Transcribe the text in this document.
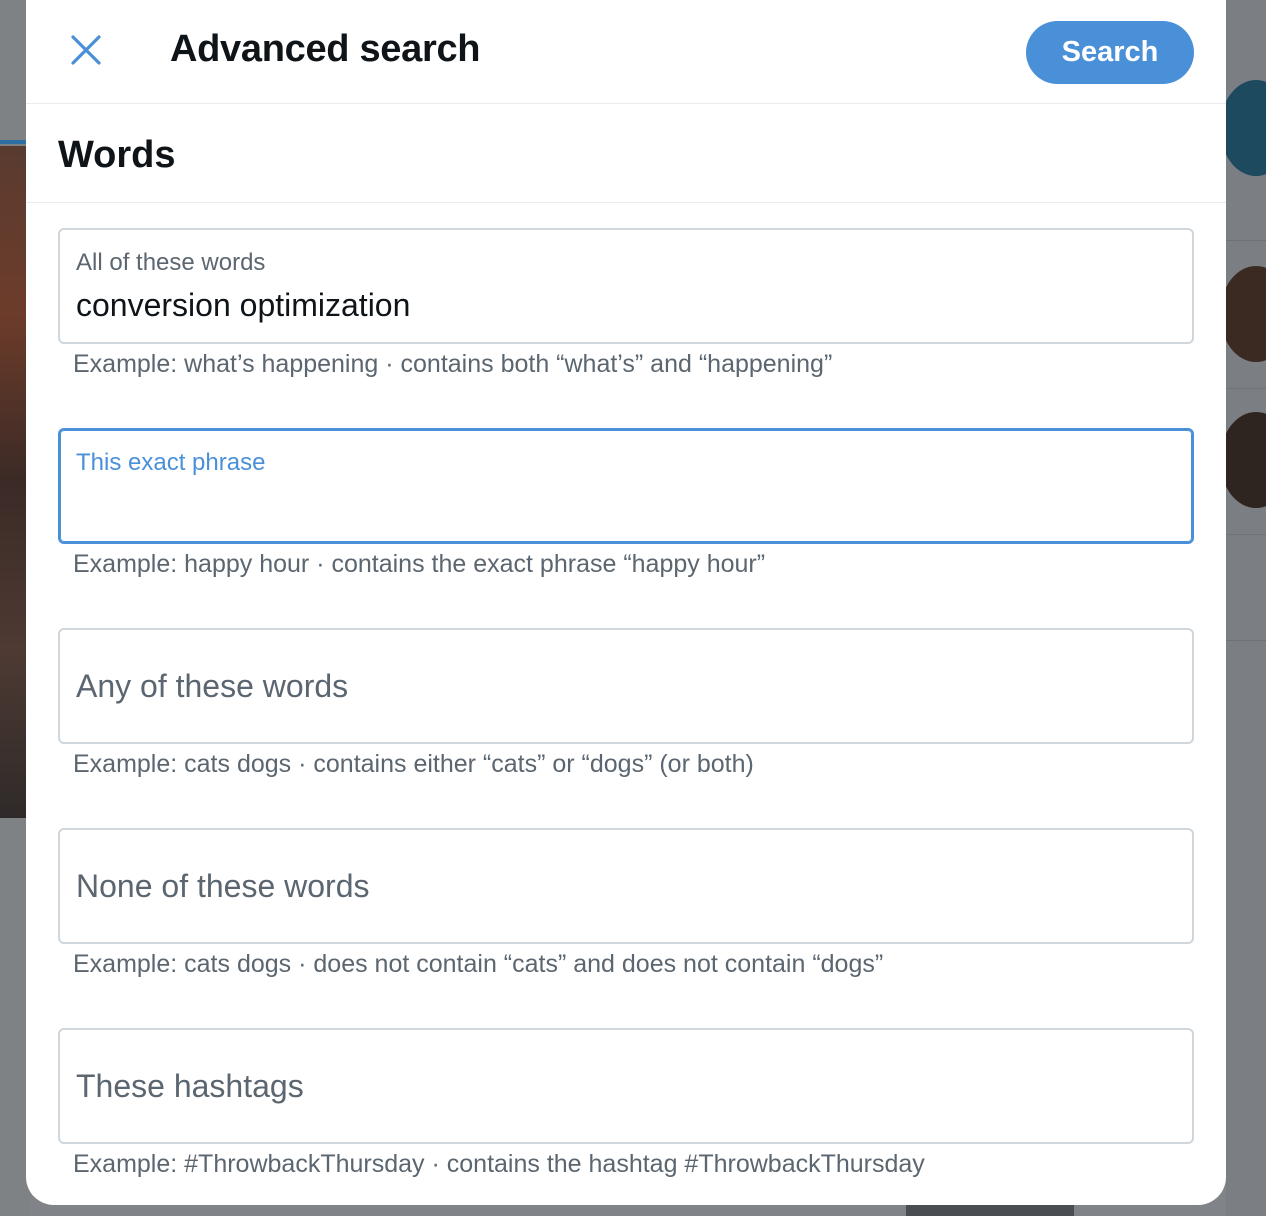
Advanced search	Search
Words
All of these words
conversion optimization
Example: what’s happening · contains both “what’s” and “happening”
This exact phrase
Example: happy hour · contains the exact phrase “happy hour”
Any of these words
Example: cats dogs · contains either “cats” or “dogs” (or both)
None of these words
Example: cats dogs · does not contain “cats” and does not contain “dogs”
These hashtags
Example: #ThrowbackThursday · contains the hashtag #ThrowbackThursday
